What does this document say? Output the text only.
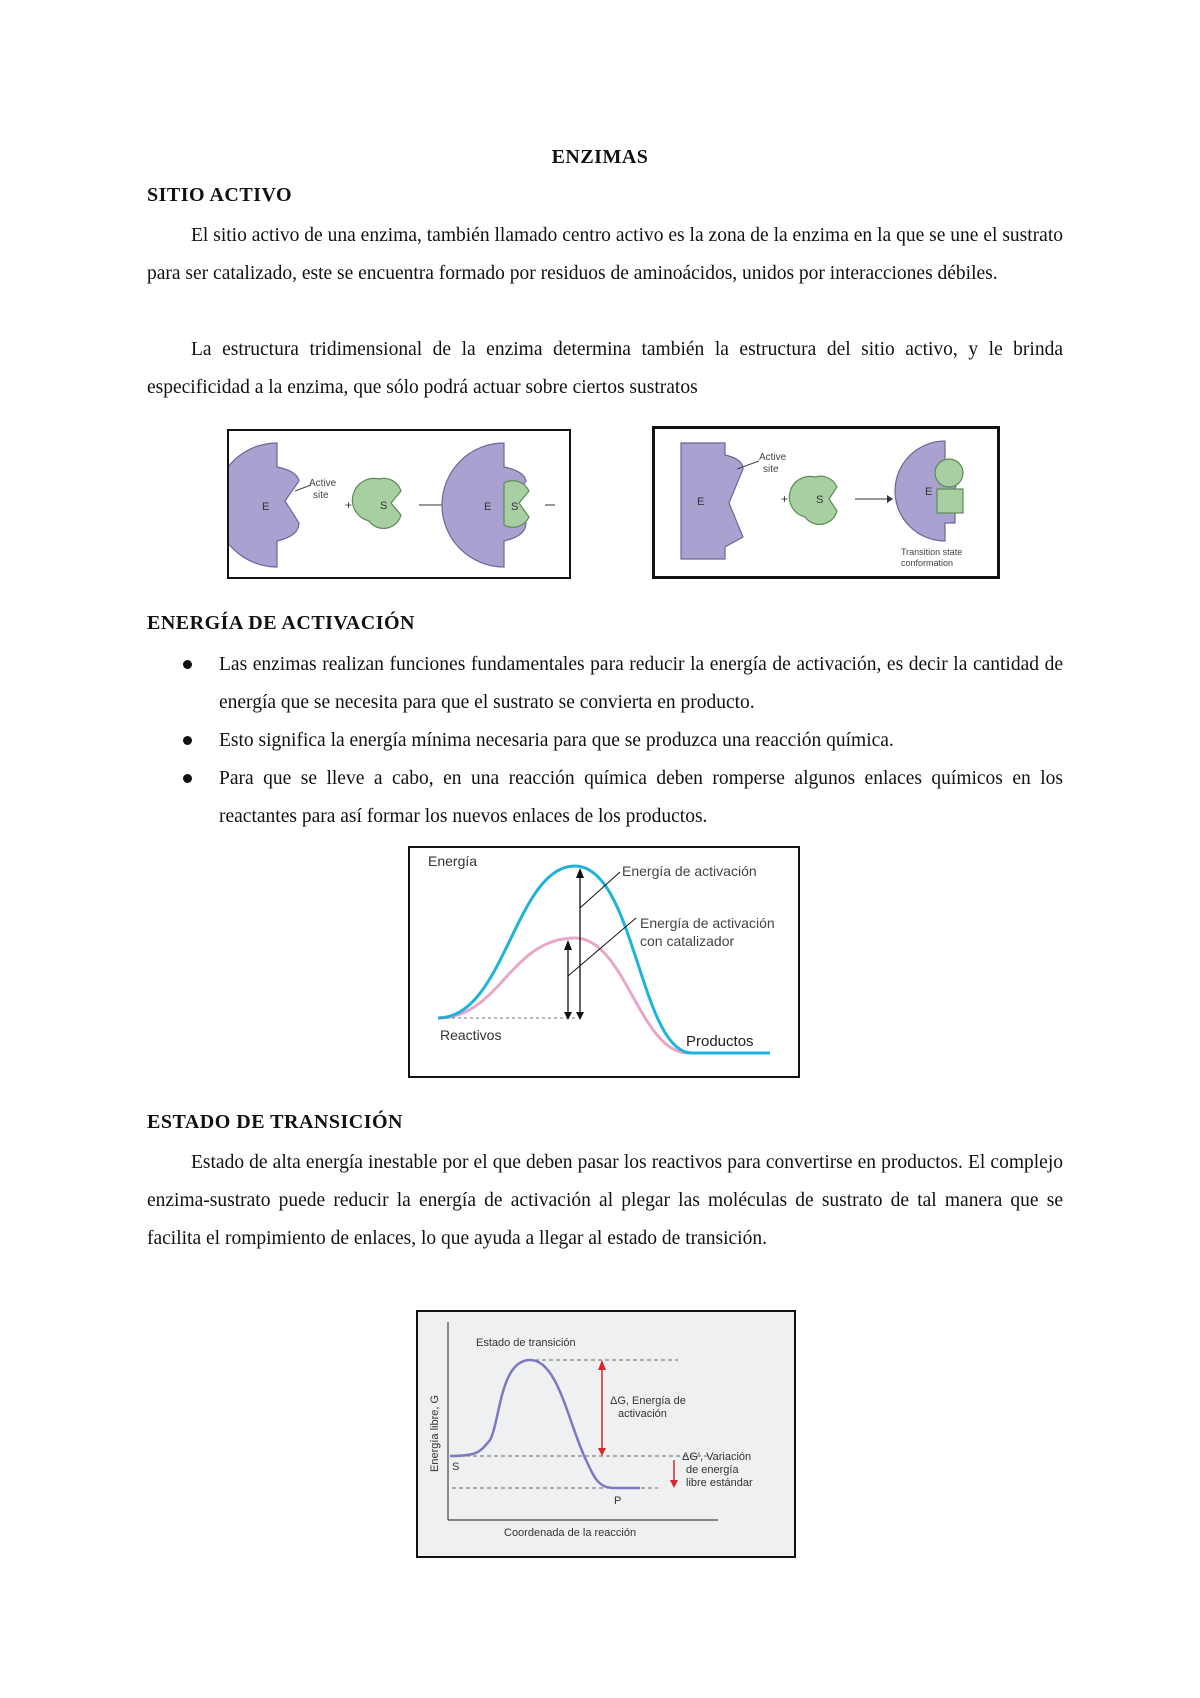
ENZIMAS
SITIO ACTIVO

El sitio activo de una enzima, también llamado centro activo es la zona de la enzima en la que se une el sustrato para ser catalizado, este se encuentra formado por residuos de aminoácidos, unidos por interacciones débiles.

La estructura tridimensional de la enzima determina también la estructura del sitio activo, y le brinda especificidad a la enzima, que sólo podrá actuar sobre ciertos sustratos

E
Active
site
+	S	E S	E
Active
site
+	S
E
Transition state
conformation
ENERGÍA DE ACTIVACIÓN
Las enzimas realizan funciones fundamentales para reducir la energía de activación, es decir la cantidad de energía que se necesita para que el sustrato se convierta en producto.
Esto significa la energía mínima necesaria para que se produzca una reacción química.
Para que se lleve a cabo, en una reacción química deben romperse algunos enlaces químicos en los reactantes para así formar los nuevos enlaces de los productos.
Energía
Energía de activación
Energía de activación
con catalizador
Reactivos	Productos
ESTADO DE TRANSICIÓN

Estado de alta energía inestable por el que deben pasar los reactivos para convertirse en productos. El complejo enzima-sustrato puede reducir la energía de activación al plegar las moléculas de sustrato de tal manera que se facilita el rompimiento de enlaces, lo que ayuda a llegar al estado de transición.

Energía libre, G
Coordenada de la reacción
Estado de transición
ΔG, Energía de
activación
ΔG', Variación
de energía
libre estándar
S
P
